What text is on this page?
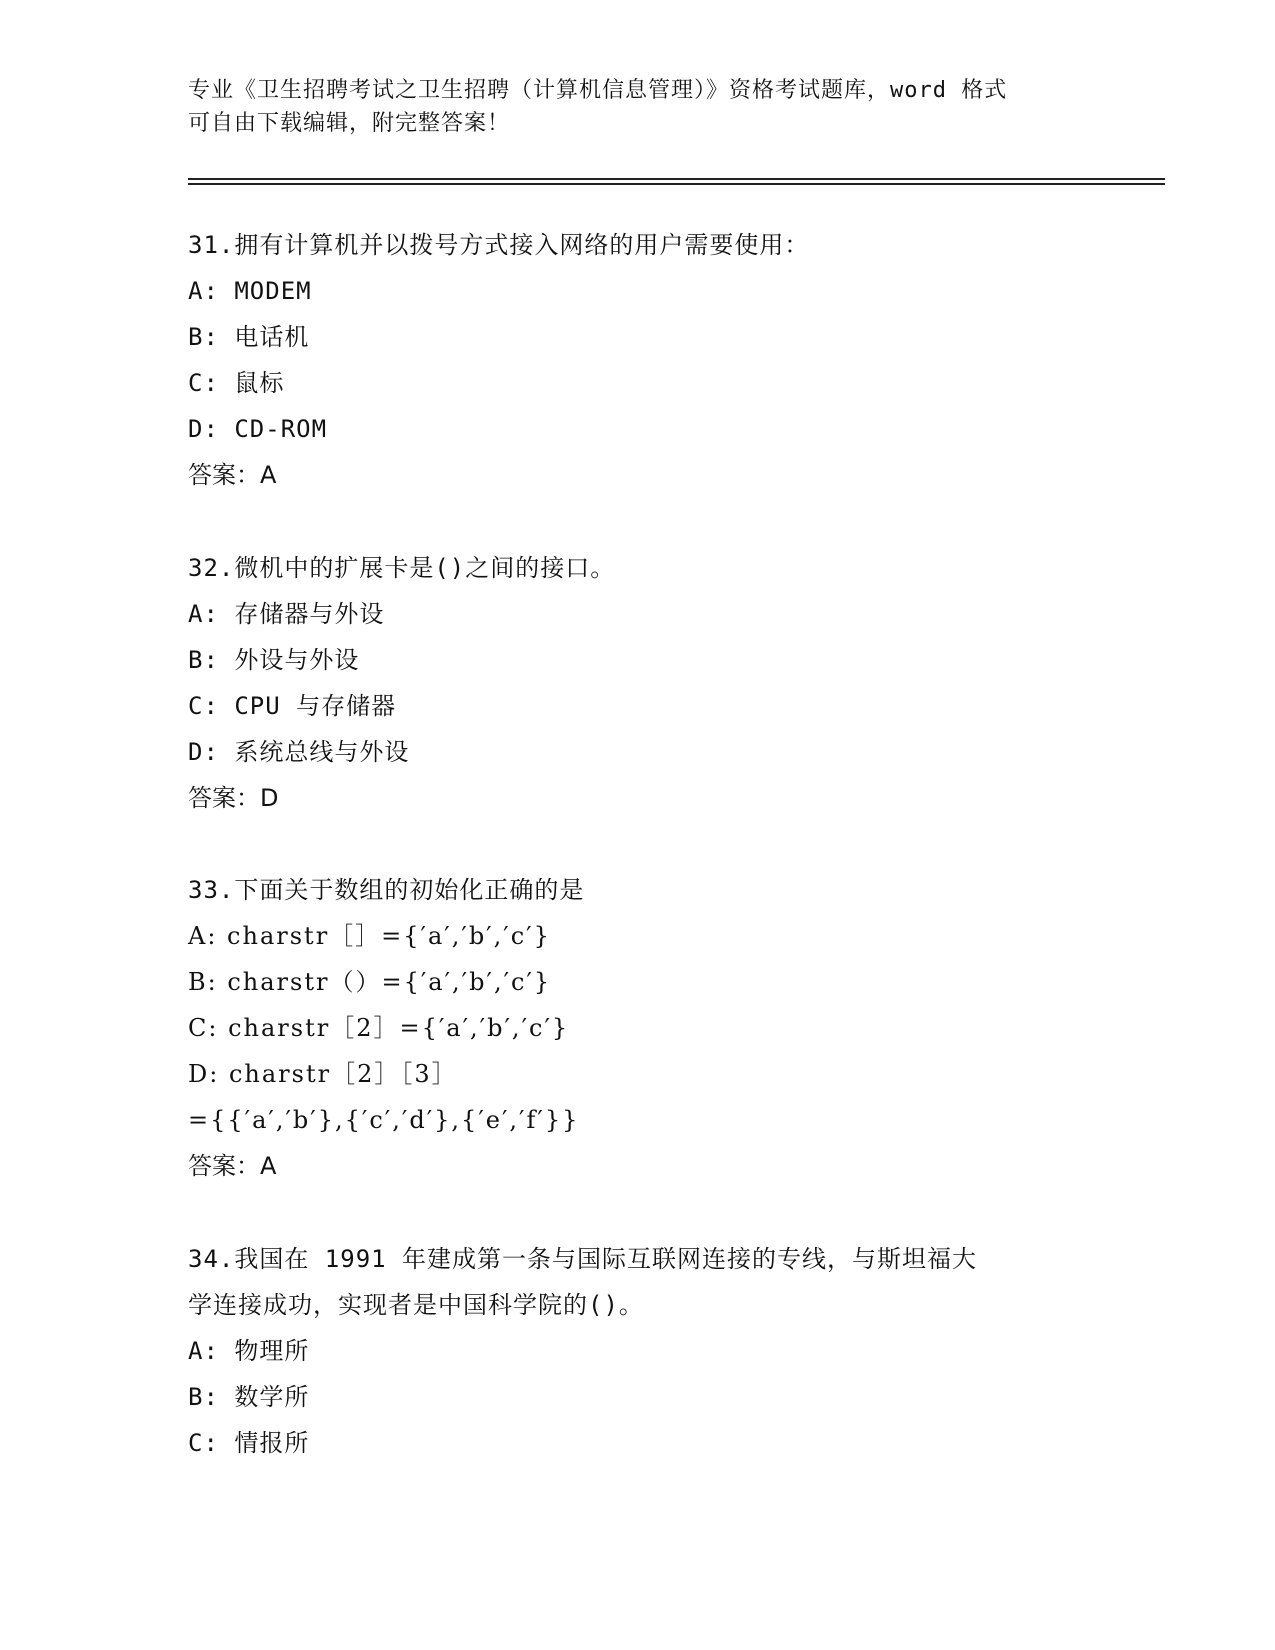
专业《卫生招聘考试之卫生招聘（计算机信息管理）》资格考试题库，word 格式
可自由下载编辑，附完整答案！
31.拥有计算机并以拨号方式接入网络的用户需要使用：
A: MODEM
B: 电话机
C: 鼠标
D: CD-ROM
答案：A
32.微机中的扩展卡是()之间的接口。
A: 存储器与外设
B: 外设与外设
C: CPU 与存储器
D: 系统总线与外设
答案：D
33.下面关于数组的初始化正确的是
A: charstr［］={′a′,′b′,′c′}
B: charstr（）={′a′,′b′,′c′}
C: charstr［2］={′a′,′b′,′c′}
D: charstr［2］［3］
={{′a′,′b′},{′c′,′d′},{′e′,′f′}}
答案：A
34.我国在 1991 年建成第一条与国际互联网连接的专线，与斯坦福大
学连接成功，实现者是中国科学院的()。
A: 物理所
B: 数学所
C: 情报所
